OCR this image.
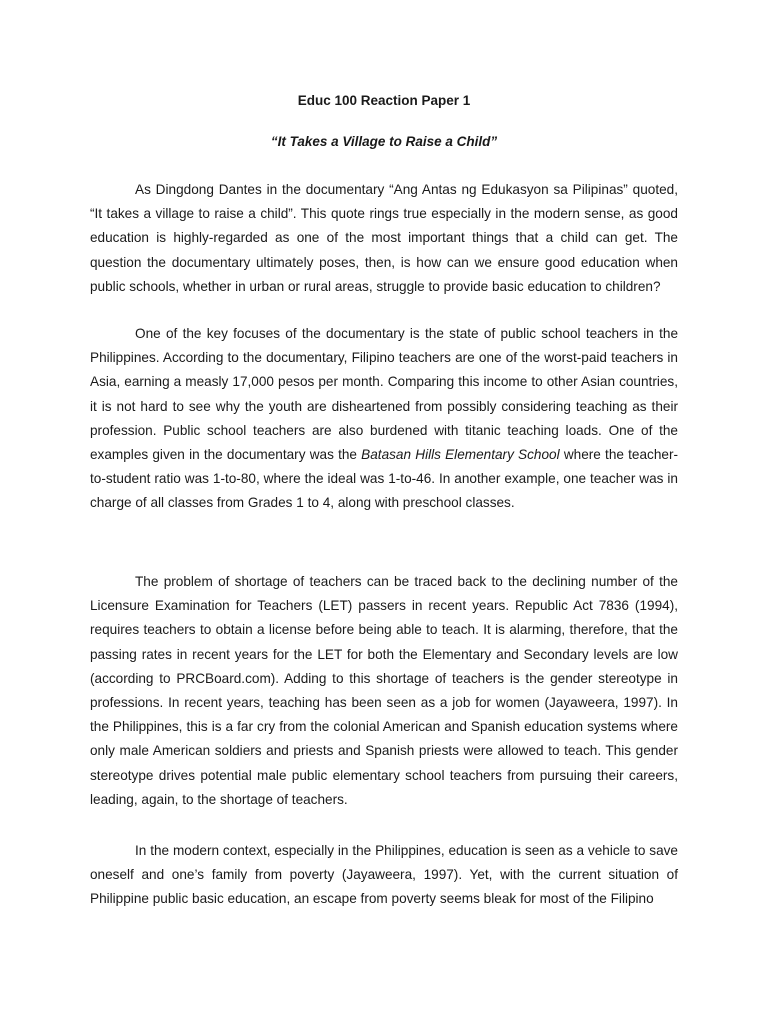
Educ 100 Reaction Paper 1
“It Takes a Village to Raise a Child”

As Dingdong Dantes in the documentary “Ang Antas ng Edukasyon sa Pilipinas” quoted, “It takes a village to raise a child”. This quote rings true especially in the modern sense, as good education is highly-regarded as one of the most important things that a child can get. The question the documentary ultimately poses, then, is how can we ensure good education when public schools, whether in urban or rural areas, struggle to provide basic education to children?

One of the key focuses of the documentary is the state of public school teachers in the Philippines. According to the documentary, Filipino teachers are one of the worst-paid teachers in Asia, earning a measly 17,000 pesos per month. Comparing this income to other Asian countries, it is not hard to see why the youth are disheartened from possibly considering teaching as their profession. Public school teachers are also burdened with titanic teaching loads. One of the examples given in the documentary was the Batasan Hills Elementary School where the teacher-to-student ratio was 1-to-80, where the ideal was 1-to-46. In another example, one teacher was in charge of all classes from Grades 1 to 4, along with preschool classes.

The problem of shortage of teachers can be traced back to the declining number of the Licensure Examination for Teachers (LET) passers in recent years. Republic Act 7836 (1994), requires teachers to obtain a license before being able to teach. It is alarming, therefore, that the passing rates in recent years for the LET for both the Elementary and Secondary levels are low (according to PRCBoard.com). Adding to this shortage of teachers is the gender stereotype in professions. In recent years, teaching has been seen as a job for women (Jayaweera, 1997). In the Philippines, this is a far cry from the colonial American and Spanish education systems where only male American soldiers and priests and Spanish priests were allowed to teach. This gender stereotype drives potential male public elementary school teachers from pursuing their careers, leading, again, to the shortage of teachers.

In the modern context, especially in the Philippines, education is seen as a vehicle to save oneself and one’s family from poverty (Jayaweera, 1997). Yet, with the current situation of Philippine public basic education, an escape from poverty seems bleak for most of the Filipino
